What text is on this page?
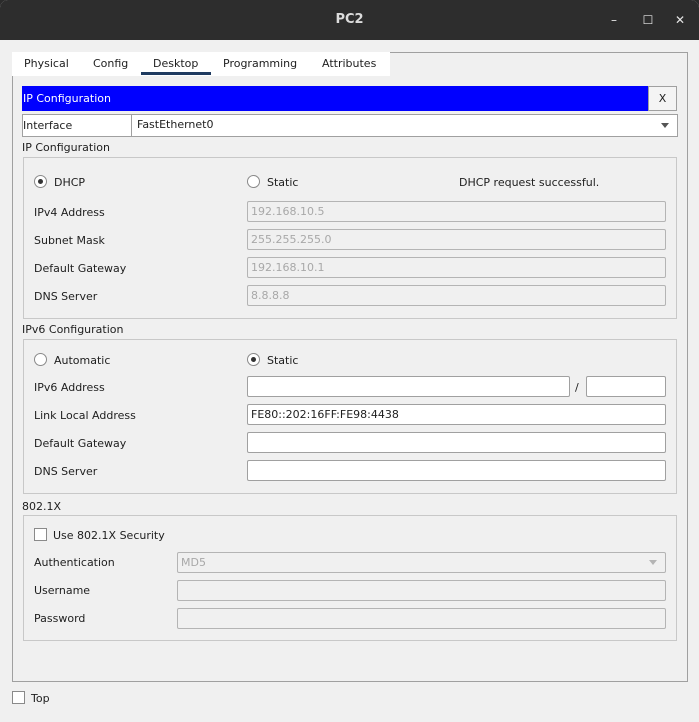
PC2	–	☐	✕
Physical Config Desktop Programming Attributes
IP Configuration	X
Interface	FastEthernet0
IP Configuration
DHCP	Static	DHCP request successful.
IPv4 Address	192.168.10.5
Subnet Mask	255.255.255.0
Default Gateway	192.168.10.1
DNS Server	8.8.8.8
IPv6 Configuration
Automatic	Static
IPv6 Address	/
Link Local Address	FE80::202:16FF:FE98:4438
Default Gateway
DNS Server
802.1X
Use 802.1X Security
Authentication	MD5
Username
Password
Top
